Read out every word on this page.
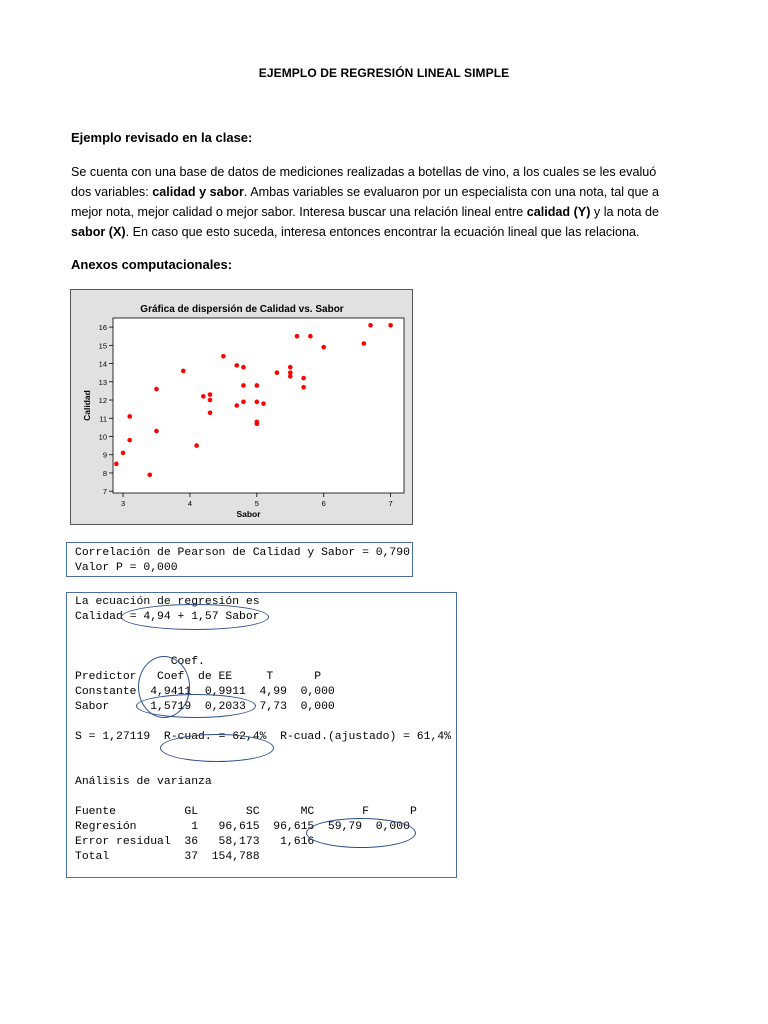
EJEMPLO DE REGRESIÓN LINEAL SIMPLE
Ejemplo revisado en la clase:
Se cuenta con una base de datos de mediciones realizadas a botellas de vino, a los cuales se les evaluó dos variables: calidad y sabor. Ambas variables se evaluaron por un especialista con una nota, tal que a mejor nota, mejor calidad o mejor sabor. Interesa buscar una relación lineal entre calidad (Y) y la nota de sabor (X). En caso que esto suceda, interesa entonces encontrar la ecuación lineal que las relaciona.
Anexos computacionales:
Gráfica de dispersión de Calidad vs. Sabor
7
8
9
10
11
12
13
14
15
16
3	4	5	6	7
Sabor
Calidad
Correlación de Pearson de Calidad y Sabor = 0,790
Valor P = 0,000
La ecuación de regresión es
Calidad = 4,94 + 1,57 Sabor
Coef.
Predictor   Coef  de EE     T      P
Constante  4,9411  0,9911  4,99  0,000
Sabor      1,5719  0,2033  7,73  0,000
S = 1,27119  R-cuad. = 62,4%  R-cuad.(ajustado) = 61,4%
Análisis de varianza
Fuente          GL       SC      MC       F      P
Regresión        1   96,615  96,615  59,79  0,000
Error residual  36   58,173   1,616
Total           37  154,788
